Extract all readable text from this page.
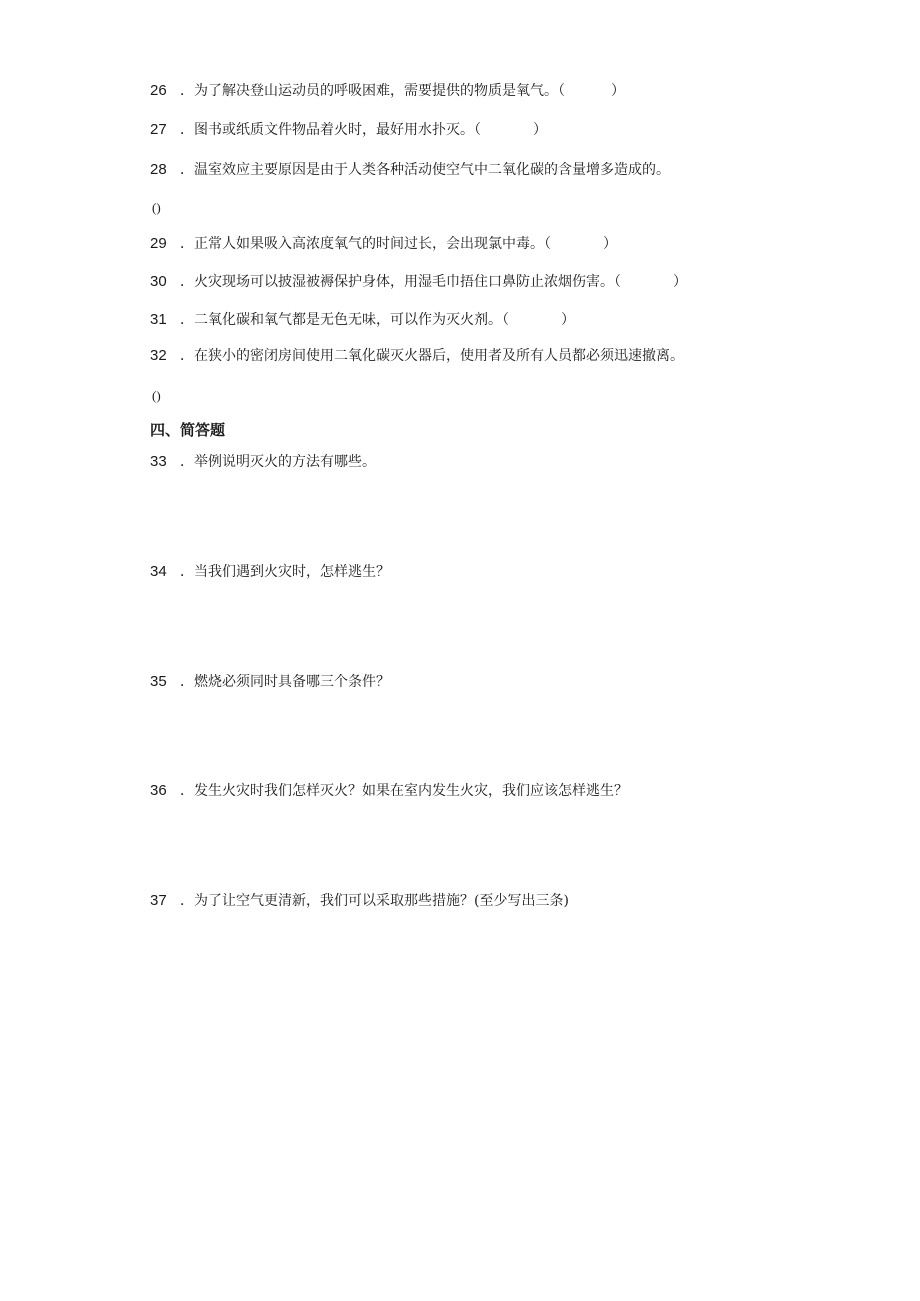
26 ．为了解决登山运动员的呼吸困难，需要提供的物质是氧气。（	）
27 ．图书或纸质文件物品着火时，最好用水扑灭。（	）
28 ．温室效应主要原因是由于人类各种活动使空气中二氧化碳的含量增多造成的。
()
29 ．正常人如果吸入高浓度氧气的时间过长，会出现氯中毒。（	）
30 ．火灾现场可以披湿被褥保护身体，用湿毛巾捂住口鼻防止浓烟伤害。（	）
31 ．二氧化碳和氧气都是无色无味，可以作为灭火剂。（	）
32 ．在狭小的密闭房间使用二氧化碳灭火器后，使用者及所有人员都必须迅速撤离。
()
四、简答题
33 ．举例说明灭火的方法有哪些。
34 ．当我们遇到火灾时，怎样逃生？
35 ．燃烧必须同时具备哪三个条件？
36 ．发生火灾时我们怎样灭火？如果在室内发生火灾，我们应该怎样逃生？
37 ．为了让空气更清新，我们可以采取那些措施？(至少写出三条)
